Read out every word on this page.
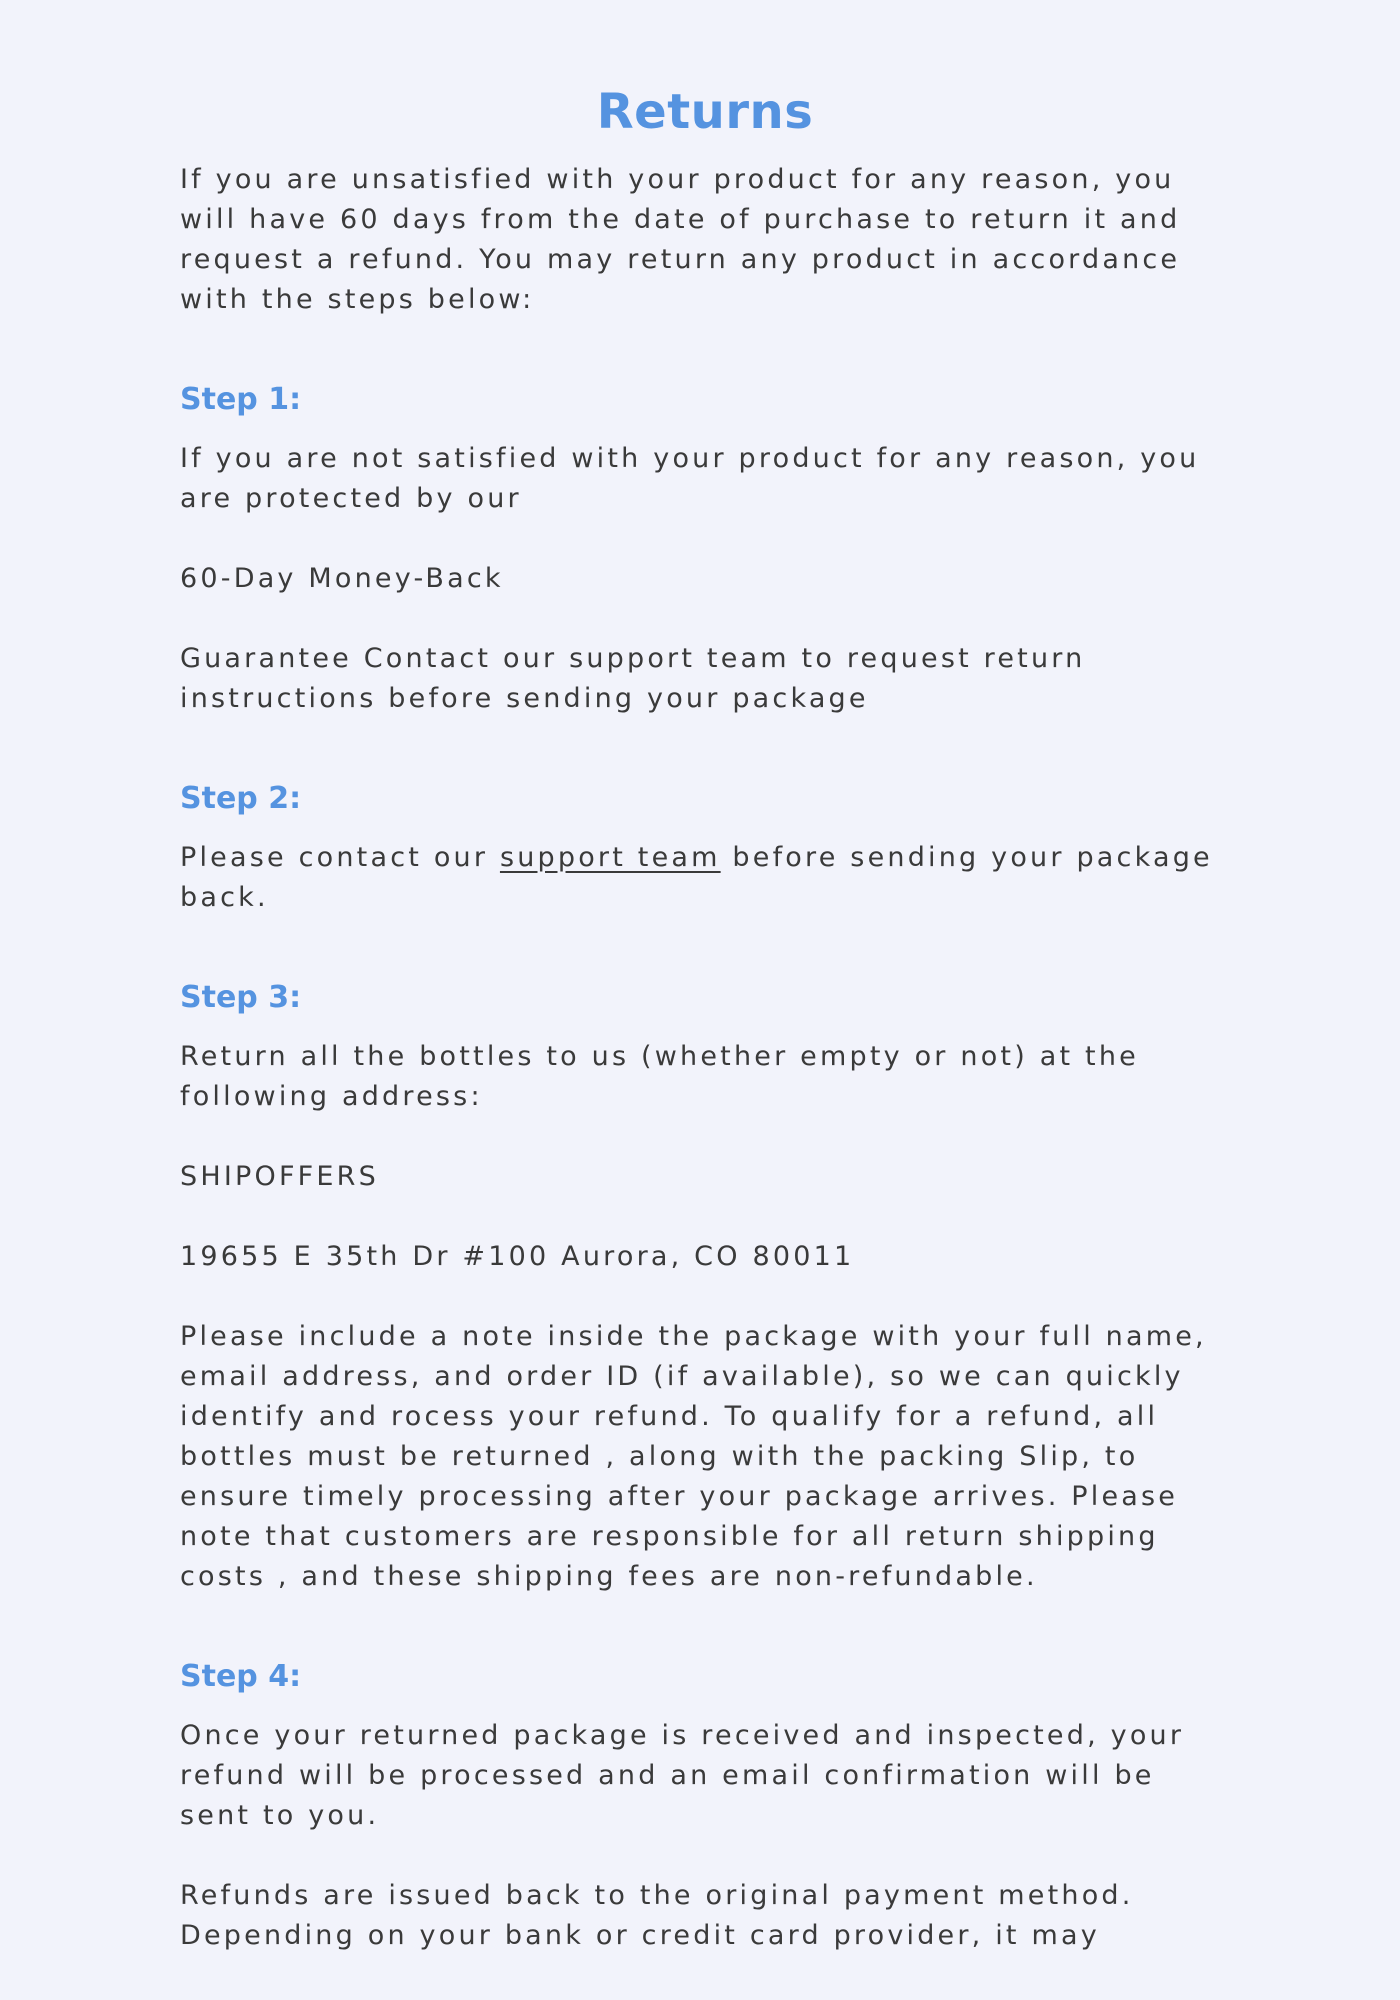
Returns

If you are unsatisfied with your product for any reason, you will have 60 days from the date of purchase to return it and request a refund. You may return any product in accordance with the steps below:

Step 1:

If you are not satisfied with your product for any reason, you are protected by our

60-Day Money-Back

Guarantee Contact our support team to request return instructions before sending your package

Step 2:

Please contact our support team before sending your package back.

Step 3:

Return all the bottles to us (whether empty or not) at the following address:

SHIPOFFERS

19655 E 35th Dr #100 Aurora, CO 80011

Please include a note inside the package with your full name, email address, and order ID (if available), so we can quickly identify and rocess your refund. To qualify for a refund, all bottles must be returned , along with the packing Slip, to ensure timely processing after your package arrives. Please note that customers are responsible for all return shipping costs , and these shipping fees are non-refundable.

Step 4:

Once your returned package is received and inspected, your refund will be processed and an email confirmation will be sent to you.

Refunds are issued back to the original payment method. Depending on your bank or credit card provider, it may
